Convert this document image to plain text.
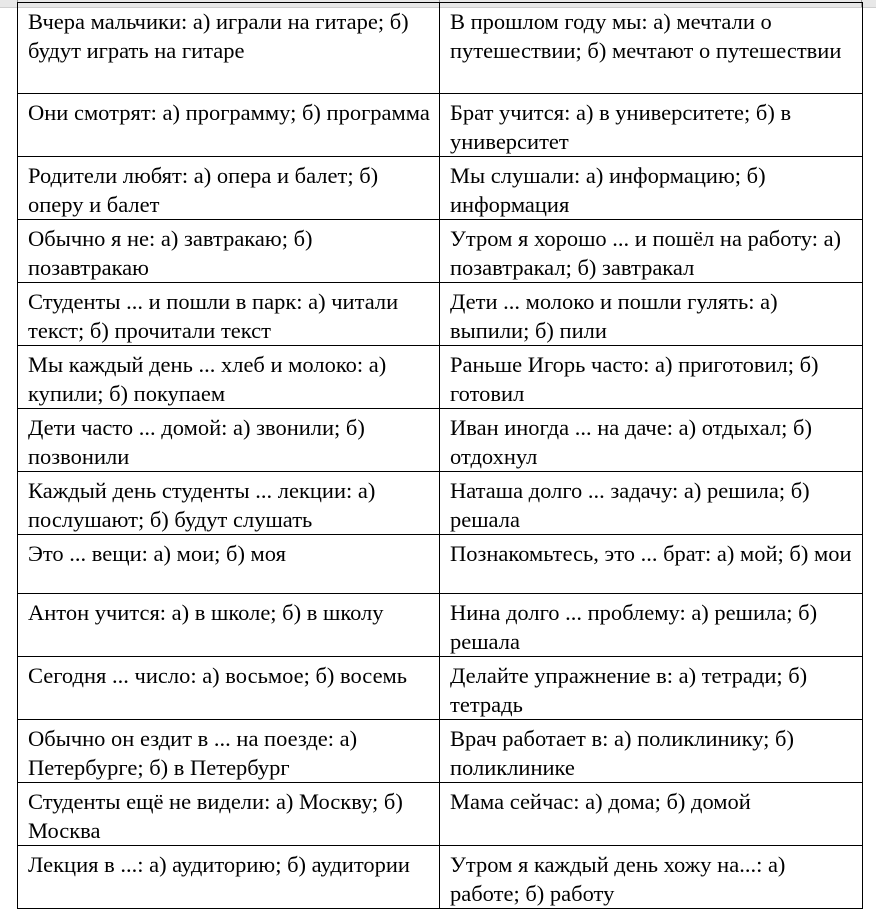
Вчера мальчики: а) играли на гитаре; б) будут играть на гитаре	В прошлом году мы: а) мечтали о путешествии; б) мечтают о путешествии
Они смотрят: а) программу; б) программа	Брат учится: а) в университете; б) в университет
Родители любят: а) опера и балет; б) оперу и балет	Мы слушали: а) информацию; б) информация
Обычно я не: а) завтракаю; б) позавтракаю	Утром я хорошо ... и пошёл на работу: а) позавтракал; б) завтракал
Студенты ... и пошли в парк: а) читали текст; б) прочитали текст	Дети ... молоко и пошли гулять: а) выпили; б) пили
Мы каждый день ... хлеб и молоко: а) купили; б) покупаем	Раньше Игорь часто: а) приготовил; б) готовил
Дети часто ... домой: а) звонили; б) позвонили	Иван иногда ... на даче: а) отдыхал; б) отдохнул
Каждый день студенты ... лекции: а) послушают; б) будут слушать	Наташа долго ... задачу: а) решила; б) решала
Это ... вещи: а) мои; б) моя	Познакомьтесь, это ... брат: а) мой; б) мои
Антон учится: а) в школе; б) в школу	Нина долго ... проблему: а) решила; б) решала
Сегодня ... число: а) восьмое; б) восемь	Делайте упражнение в: а) тетради; б) тетрадь
Обычно он ездит в ... на поезде: а) Петербурге; б) в Петербург	Врач работает в: а) поликлинику; б) поликлинике
Студенты ещё не видели: а) Москву; б) Москва	Мама сейчас: а) дома; б) домой
Лекция в ...: а) аудиторию; б) аудитории	Утром я каждый день хожу на...: а) работе; б) работу
